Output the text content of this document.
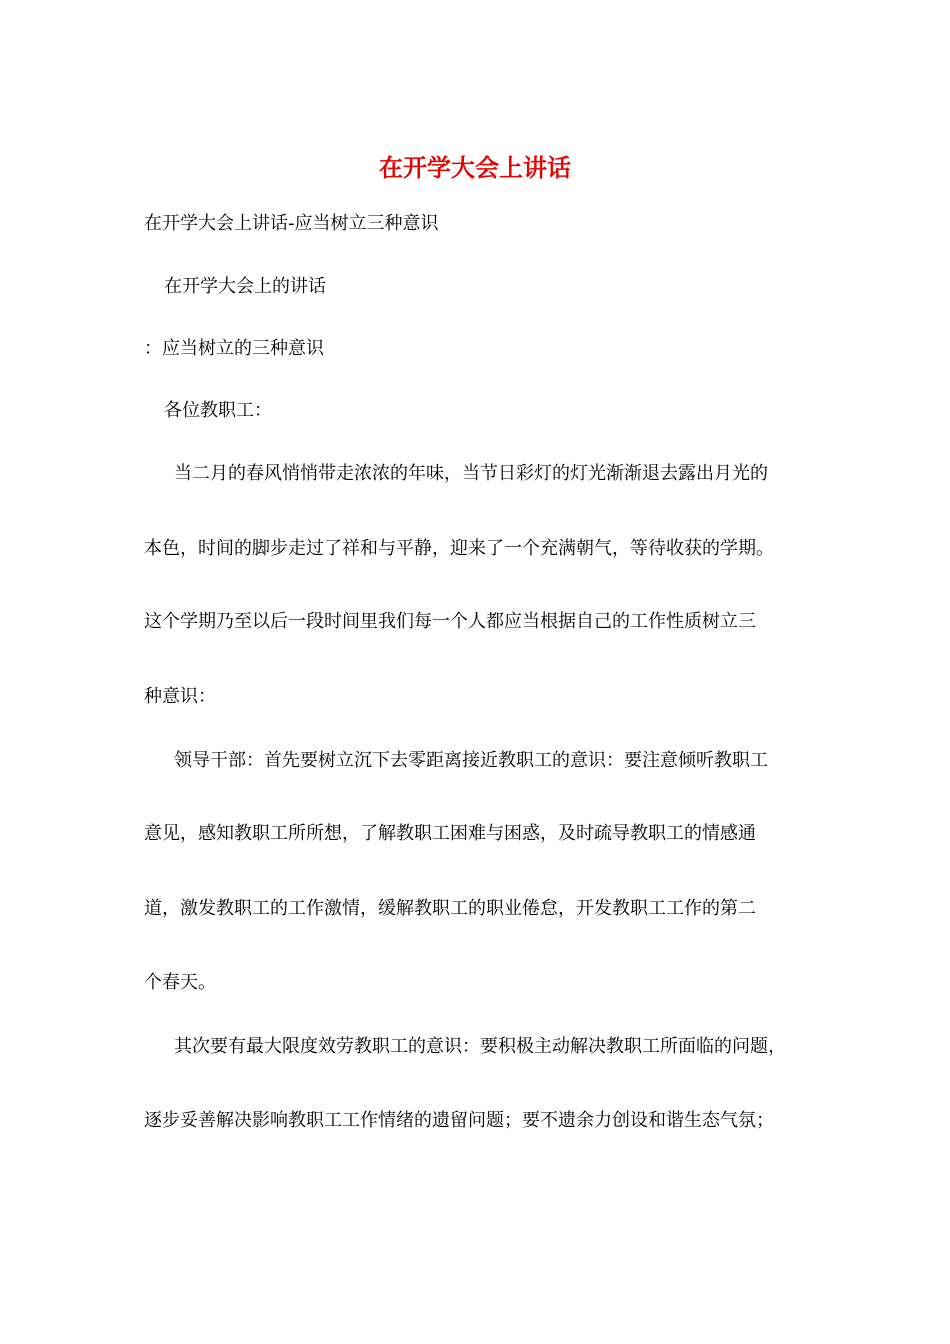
在开学大会上讲话

在开学大会上讲话-应当树立三种意识

在开学大会上的讲话

：应当树立的三种意识

各位教职工：

当二月的春风悄悄带走浓浓的年味，当节日彩灯的灯光渐渐退去露出月光的

本色，时间的脚步走过了祥和与平静，迎来了一个充满朝气，等待收获的学期。

这个学期乃至以后一段时间里我们每一个人都应当根据自己的工作性质树立三

种意识：

领导干部：首先要树立沉下去零距离接近教职工的意识：要注意倾听教职工

意见，感知教职工所所想，了解教职工困难与困惑，及时疏导教职工的情感通

道，激发教职工的工作激情，缓解教职工的职业倦怠，开发教职工工作的第二

个春天。

其次要有最大限度效劳教职工的意识：要积极主动解决教职工所面临的问题，

逐步妥善解决影响教职工工作情绪的遗留问题；要不遗余力创设和谐生态气氛；
